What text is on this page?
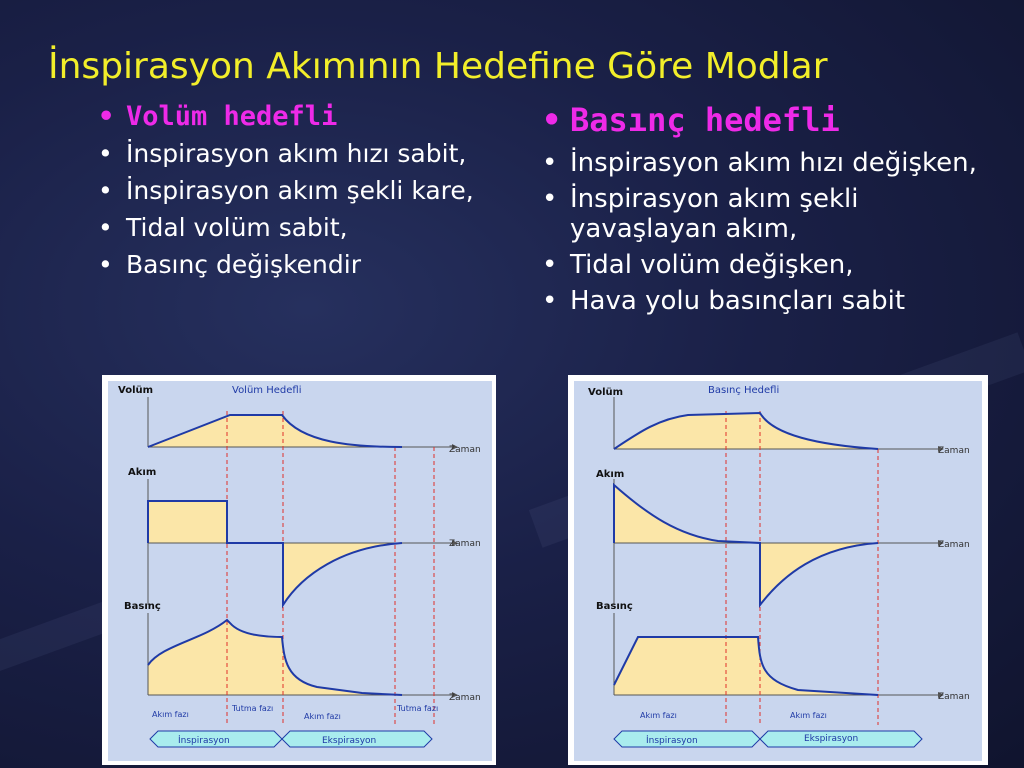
İnspirasyon Akımının Hedefine Göre Modlar
• Volüm hedefli
• İnspirasyon akım hızı sabit,
• İnspirasyon akım şekli kare,
• Tidal volüm sabit,
• Basınç değişkendir
• Basınç hedefli
• İnspirasyon akım hızı değişken,
• İnspirasyon akım şekli yavaşlayan akım,
• Tidal volüm değişken,
• Hava yolu basınçları sabit
Volüm
Akım
Basınç
Volüm Hedefli
Zaman
Zaman
Zaman
Akım fazı
Tutma fazı
Akım fazı
Tutma fazı
İnspirasyon	Ekspirasyon
Volüm
Akım
Basınç
Basınç Hedefli
Zaman
Zaman
Zaman
Akım fazı	Akım fazı
İnspirasyon	Ekspirasyon
